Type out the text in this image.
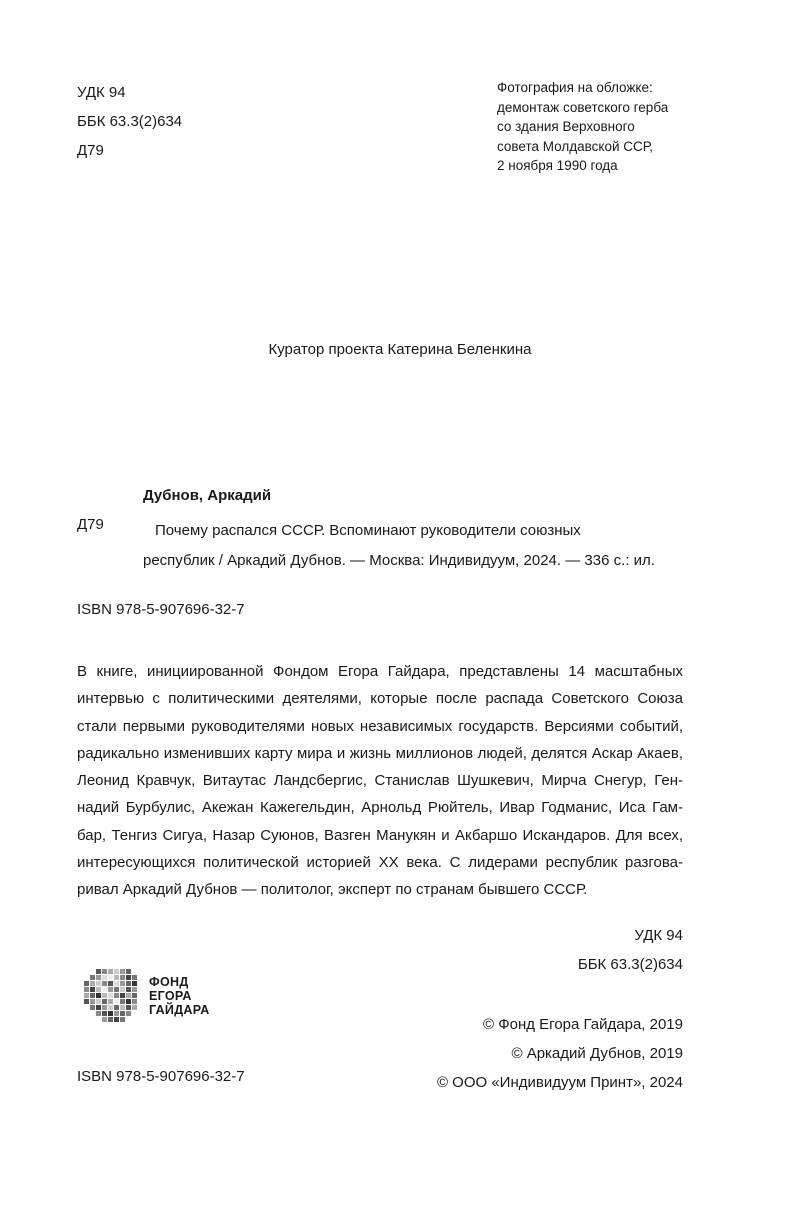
УДК 94
ББК 63.3(2)634
Д79
Фотография на обложке:
демонтаж советского герба
со здания Верховного
совета Молдавской ССР,
2 ноября 1990 года
Куратор проекта Катерина Беленкина
Дубнов, Аркадий
Д79	Почему распался СССР. Вспоминают руководители союзных
республик / Аркадий Дубнов. — Москва: Индивидуум, 2024. — 336 с.: ил.
ISBN 978-5-907696-32-7
В книге, инициированной Фондом Егора Гайдара, представлены 14 масштабных
интервью с политическими деятелями, которые после распада Советского Союза
стали первыми руководителями новых независимых государств. Версиями событий,
радикально изменивших карту мира и жизнь миллионов людей, делятся Аскар Акаев,
Леонид Кравчук, Витаутас Ландсбергис, Станислав Шушкевич, Мирча Снегур, Ген-
надий Бурбулис, Акежан Кажегельдин, Арнольд Рюйтель, Ивар Годманис, Иса Гам-
бар, Тенгиз Сигуа, Назар Суюнов, Вазген Манукян и Акбаршо Искандаров. Для всех,
интересующихся политической историей XX века. С лидерами республик разгова-
ривал Аркадий Дубнов — политолог, эксперт по странам бывшего СССР.
УДК 94
ББК 63.3(2)634
ФОНД
ЕГОРА
ГАЙДАРА
© Фонд Егора Гайдара, 2019
© Аркадий Дубнов, 2019
© ООО «Индивидуум Принт», 2024
ISBN 978-5-907696-32-7
